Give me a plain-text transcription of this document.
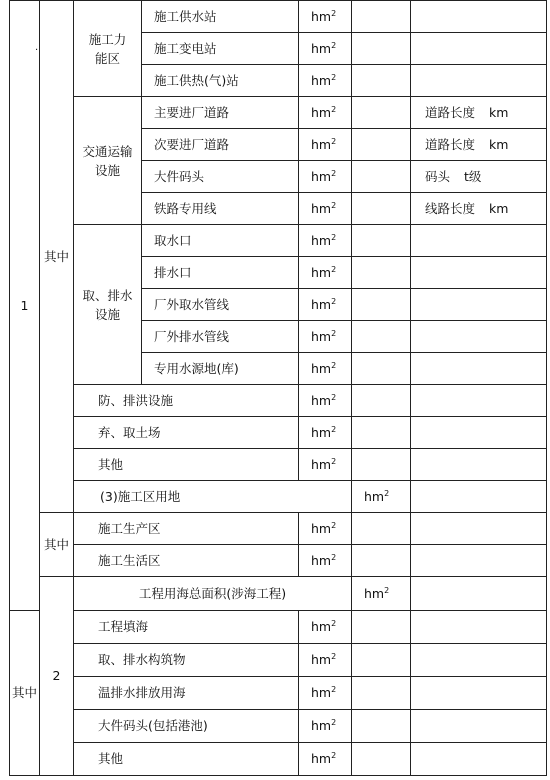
·
1	其中	施工力能区	施工供水站	$hm^2$		
			施工变电站	$hm^2$		
			施工供热(气)站	$hm^2$		
		交通运输设施	主要进厂道路	$hm^2$		道路长度 km	
			次要进厂道路	$hm^2$		道路长度 km	
			大件码头	$hm^2$		码头 t级	
			铁路专用线	$hm^2$		线路长度 km	
		取、排水设施	取水口	$hm^2$		
			排水口	$hm^2$		
			厂外取水管线	$hm^2$		
			厂外排水管线	$hm^2$		
			专用水源地(库)	$hm^2$		
		防、排洪设施		$hm^2$		
		弃、取土场		$hm^2$		
		其他		$hm^2$		
		(3)施工区用地			$hm^2$		
	其中	施工生产区		$hm^2$		
		施工生活区		$hm^2$		
	2	工程用海总面积(涉海工程)			$hm^2$		
其中		工程填海		$hm^2$		
		取、排水构筑物		$hm^2$		
		温排水排放用海		$hm^2$		
		大件码头(包括港池)		$hm^2$		
		其他		$hm^2$		
